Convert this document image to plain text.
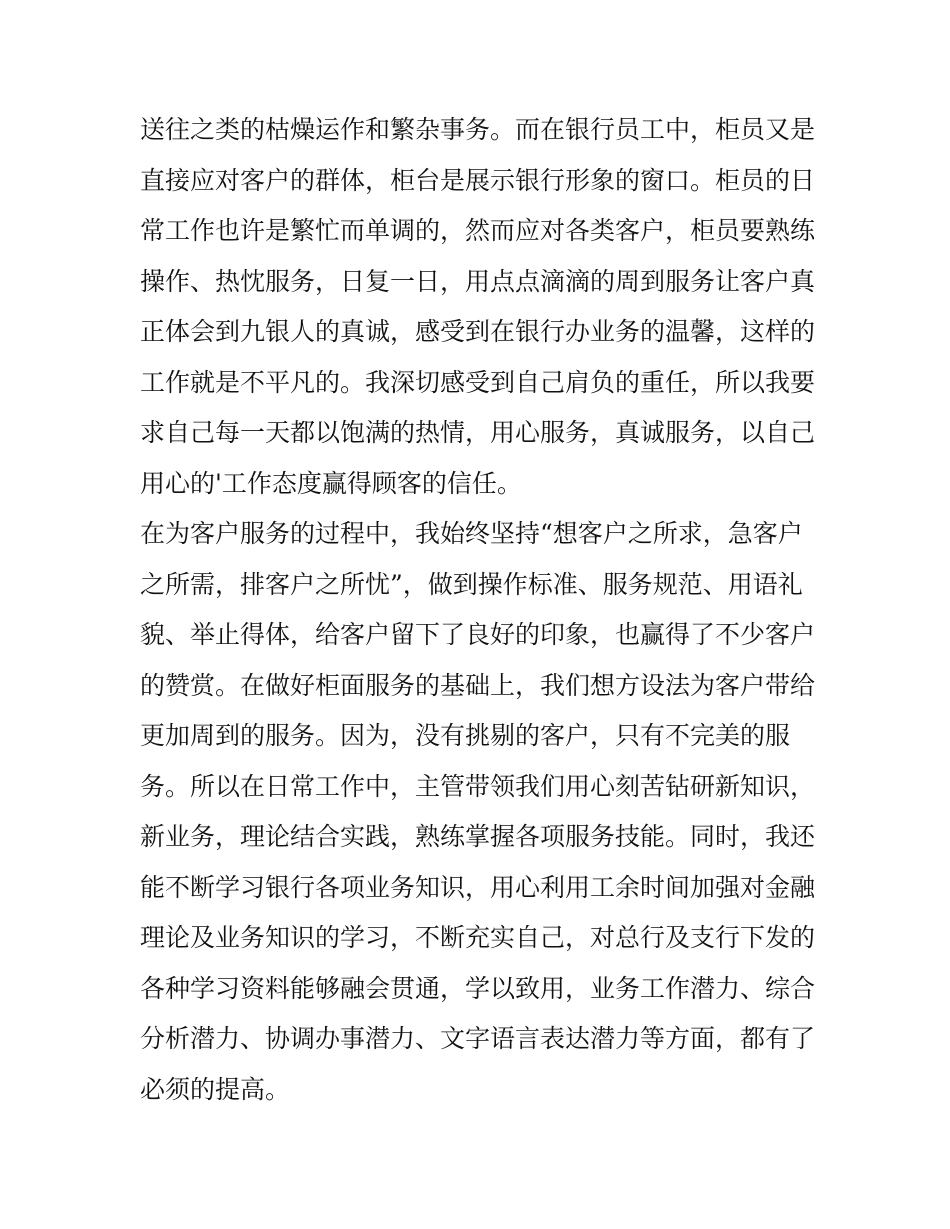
送往之类的枯燥运作和繁杂事务。而在银行员工中，柜员又是
直接应对客户的群体，柜台是展示银行形象的窗口。柜员的日
常工作也许是繁忙而单调的，然而应对各类客户，柜员要熟练
操作、热忱服务，日复一日，用点点滴滴的周到服务让客户真
正体会到九银人的真诚，感受到在银行办业务的温馨，这样的
工作就是不平凡的。我深切感受到自己肩负的重任，所以我要
求自己每一天都以饱满的热情，用心服务，真诚服务，以自己
用心的'工作态度赢得顾客的信任。
在为客户服务的过程中，我始终坚持“想客户之所求，急客户
之所需，排客户之所忧”，做到操作标准、服务规范、用语礼
貌、举止得体，给客户留下了良好的印象，也赢得了不少客户
的赞赏。在做好柜面服务的基础上，我们想方设法为客户带给
更加周到的服务。因为，没有挑剔的客户，只有不完美的服
务。所以在日常工作中，主管带领我们用心刻苦钻研新知识，
新业务，理论结合实践，熟练掌握各项服务技能。同时，我还
能不断学习银行各项业务知识，用心利用工余时间加强对金融
理论及业务知识的学习，不断充实自己，对总行及支行下发的
各种学习资料能够融会贯通，学以致用，业务工作潜力、综合
分析潜力、协调办事潜力、文字语言表达潜力等方面，都有了
必须的提高。
